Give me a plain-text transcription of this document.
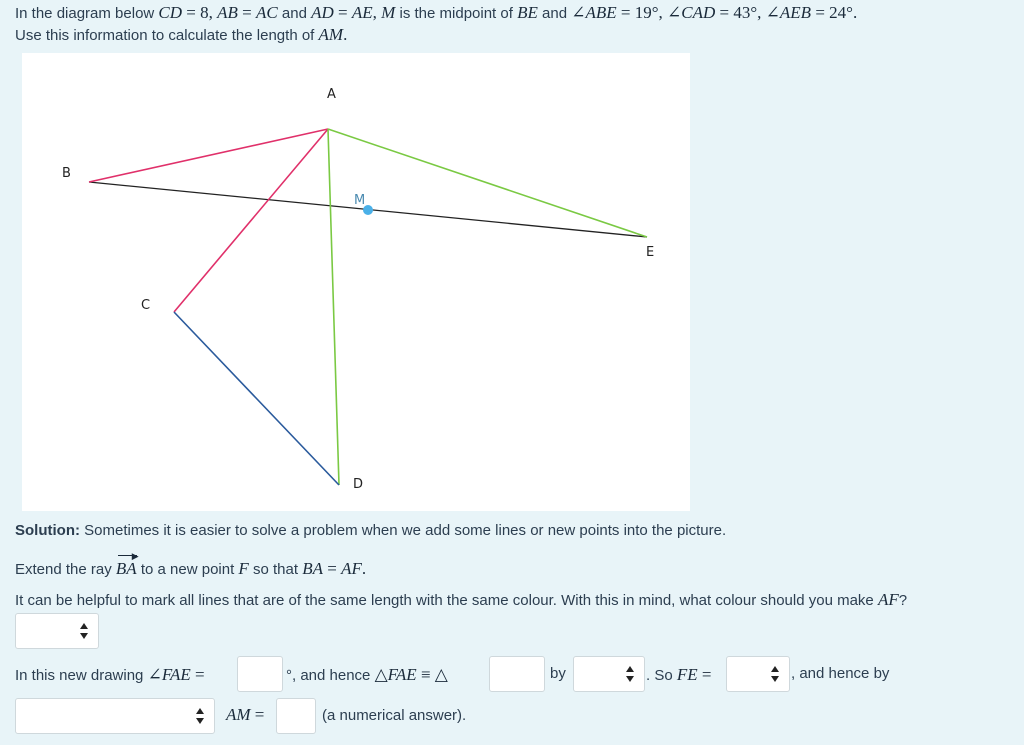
In the diagram below CD = 8, AB = AC and AD = AE, M is the midpoint of BE and ∠ABE = 19°, ∠CAD = 43°, ∠AEB = 24°.
Use this information to calculate the length of AM.
A
B
C
D
E
M
Solution: Sometimes it is easier to solve a problem when we add some lines or new points into the picture.
Extend the ray
▶
BA to a new point F so that BA = AF.
It can be helpful to mark all lines that are of the same length with the same colour. With this in mind, what colour should you make AF?
In this new drawing ∠FAE =	°, and hence △FAE ≡ △	by	. So FE =	, and hence by
AM =	(a numerical answer).
